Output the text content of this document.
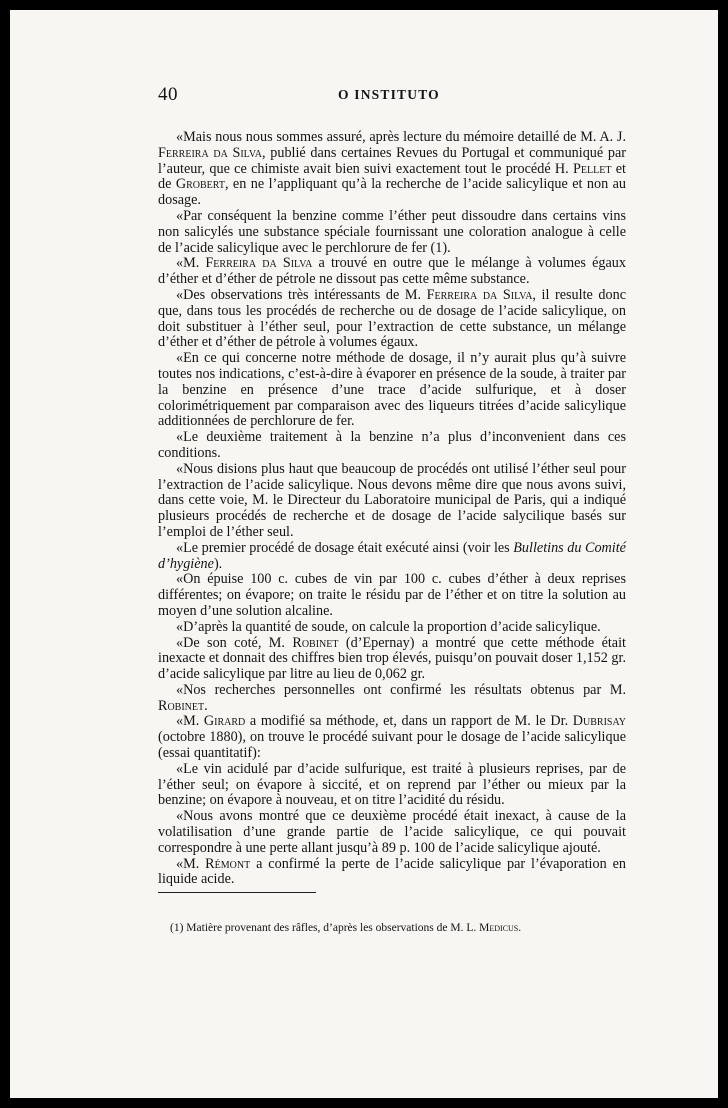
40	O INSTITUTO

«Mais nous nous sommes assuré, après lecture du mémoire detaillé de M. A. J. Ferreira da Silva, publié dans certaines Revues du Portugal et communiqué par l’auteur, que ce chimiste avait bien suivi exactement tout le procédé H. Pellet et de Grobert, en ne l’appliquant qu’à la recherche de l’acide salicylique et non au dosage.

«Par conséquent la benzine comme l’éther peut dissoudre dans certains vins non salicylés une substance spéciale fournissant une coloration analogue à celle de l’acide salicylique avec le perchlorure de fer (1).

«M. Ferreira da Silva a trouvé en outre que le mélange à volumes égaux d’éther et d’éther de pétrole ne dissout pas cette même substance.

«Des observations très intéressants de M. Ferreira da Silva, il resulte donc que, dans tous les procédés de recherche ou de dosage de l’acide salicylique, on doit substituer à l’éther seul, pour l’extraction de cette substance, un mélange d’éther et d’éther de pétrole à volumes égaux.

«En ce qui concerne notre méthode de dosage, il n’y aurait plus qu’à suivre toutes nos indications, c’est-à-dire à évaporer en présence de la soude, à traiter par la benzine en présence d’une trace d’acide sulfurique, et à doser colorimétriquement par comparaison avec des liqueurs titrées d’acide salicylique additionnées de perchlorure de fer.

«Le deuxième traitement à la benzine n’a plus d’inconvenient dans ces conditions.

«Nous disions plus haut que beaucoup de procédés ont utilisé l’éther seul pour l’extraction de l’acide salicylique. Nous devons même dire que nous avons suivi, dans cette voie, M. le Directeur du Laboratoire municipal de Paris, qui a indiqué plusieurs procédés de recherche et de dosage de l’acide salycilique basés sur l’emploi de l’éther seul.

«Le premier procédé de dosage était exécuté ainsi (voir les Bulletins du Comité d’hygiène).

«On épuise 100 c. cubes de vin par 100 c. cubes d’éther à deux reprises différentes; on évapore; on traite le résidu par de l’éther et on titre la solution au moyen d’une solution alcaline.

«D’après la quantité de soude, on calcule la proportion d’acide salicylique.

«De son coté, M. Robinet (d’Epernay) a montré que cette méthode était inexacte et donnait des chiffres bien trop élevés, puisqu’on pouvait doser 1,152 gr. d’acide salicylique par litre au lieu de 0,062 gr.

«Nos recherches personnelles ont confirmé les résultats obtenus par M. Robinet.

«M. Girard a modifié sa méthode, et, dans un rapport de M. le Dr. Dubrisay (octobre 1880), on trouve le procédé suivant pour le dosage de l’acide salicylique (essai quantitatif):

«Le vin acidulé par d’acide sulfurique, est traité à plusieurs reprises, par de l’éther seul; on évapore à siccité, et on reprend par l’éther ou mieux par la benzine; on évapore à nouveau, et on titre l’acidité du résidu.

«Nous avons montré que ce deuxième procédé était inexact, à cause de la volatilisation d’une grande partie de l’acide salicylique, ce qui pouvait correspondre à une perte allant jusqu’à 89 p. 100 de l’acide salicylique ajouté.

«M. Rémont a confirmé la perte de l’acide salicylique par l’évaporation en liquide acide.

(1) Matière provenant des râfles, d’après les observations de M. L. Medicus.
